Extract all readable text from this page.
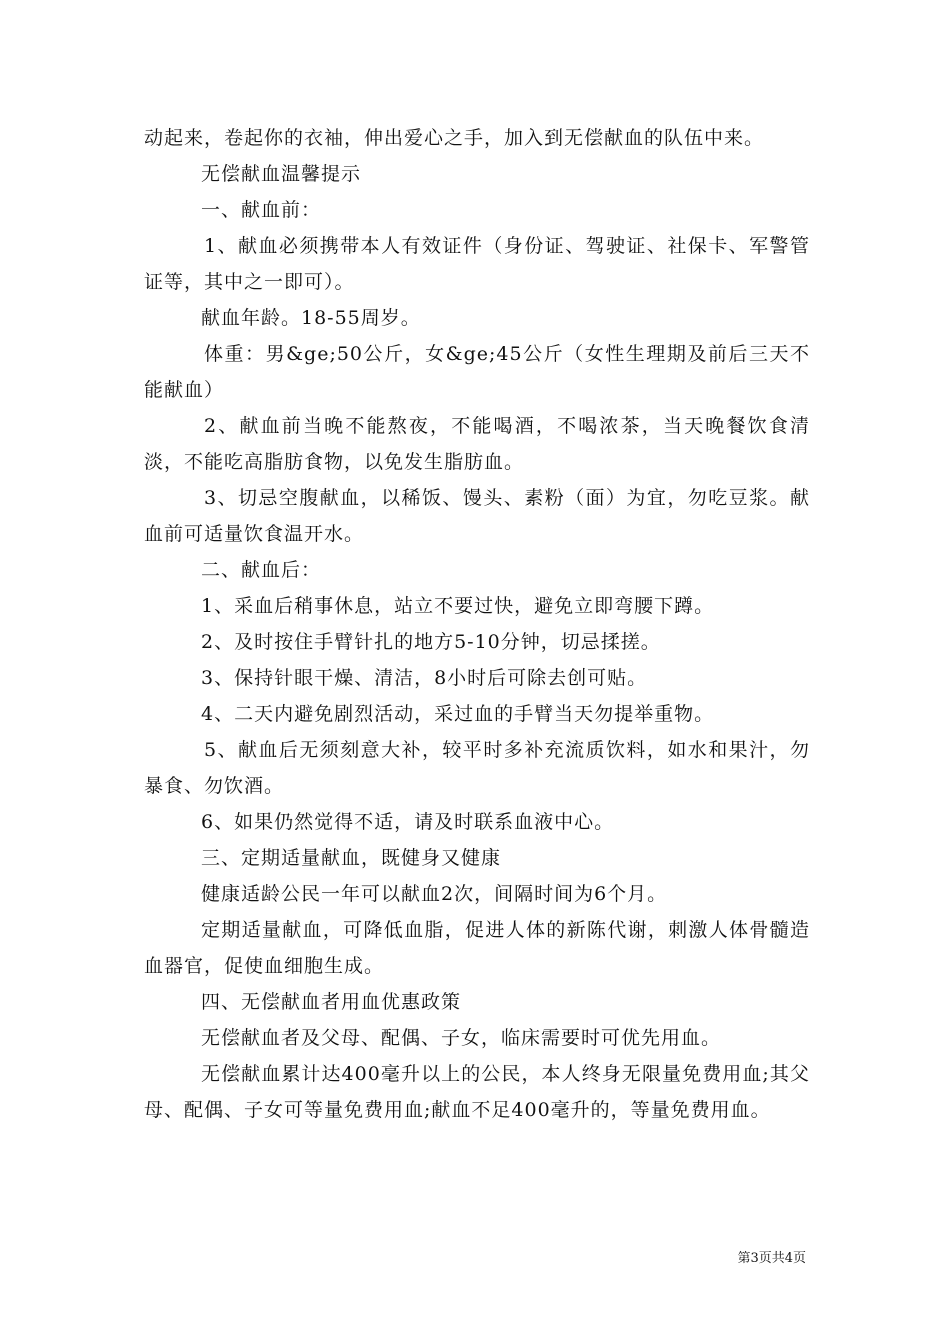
动起来，卷起你的衣袖，伸出爱心之手，加入到无偿献血的队伍中来。

无偿献血温馨提示

一、献血前：

1、献血必须携带本人有效证件（身份证、驾驶证、社保卡、军警管证等，其中之一即可）。

献血年龄。18-55周岁。

体重：男&ge;50公斤，女&ge;45公斤（女性生理期及前后三天不能献血）

2、献血前当晚不能熬夜，不能喝酒，不喝浓茶，当天晚餐饮食清淡，不能吃高脂肪食物，以免发生脂肪血。

3、切忌空腹献血，以稀饭、馒头、素粉（面）为宜，勿吃豆浆。献血前可适量饮食温开水。

二、献血后：

1、采血后稍事休息，站立不要过快，避免立即弯腰下蹲。

2、及时按住手臂针扎的地方5-10分钟，切忌揉搓。

3、保持针眼干燥、清洁，8小时后可除去创可贴。

4、二天内避免剧烈活动，采过血的手臂当天勿提举重物。

5、献血后无须刻意大补，较平时多补充流质饮料，如水和果汁，勿暴食、勿饮酒。

6、如果仍然觉得不适，请及时联系血液中心。

三、定期适量献血，既健身又健康

健康适龄公民一年可以献血2次，间隔时间为6个月。

定期适量献血，可降低血脂，促进人体的新陈代谢，刺激人体骨髓造血器官，促使血细胞生成。

四、无偿献血者用血优惠政策

无偿献血者及父母、配偶、子女，临床需要时可优先用血。

无偿献血累计达400毫升以上的公民，本人终身无限量免费用血;其父母、配偶、子女可等量免费用血;献血不足400毫升的，等量免费用血。

第3页共4页
